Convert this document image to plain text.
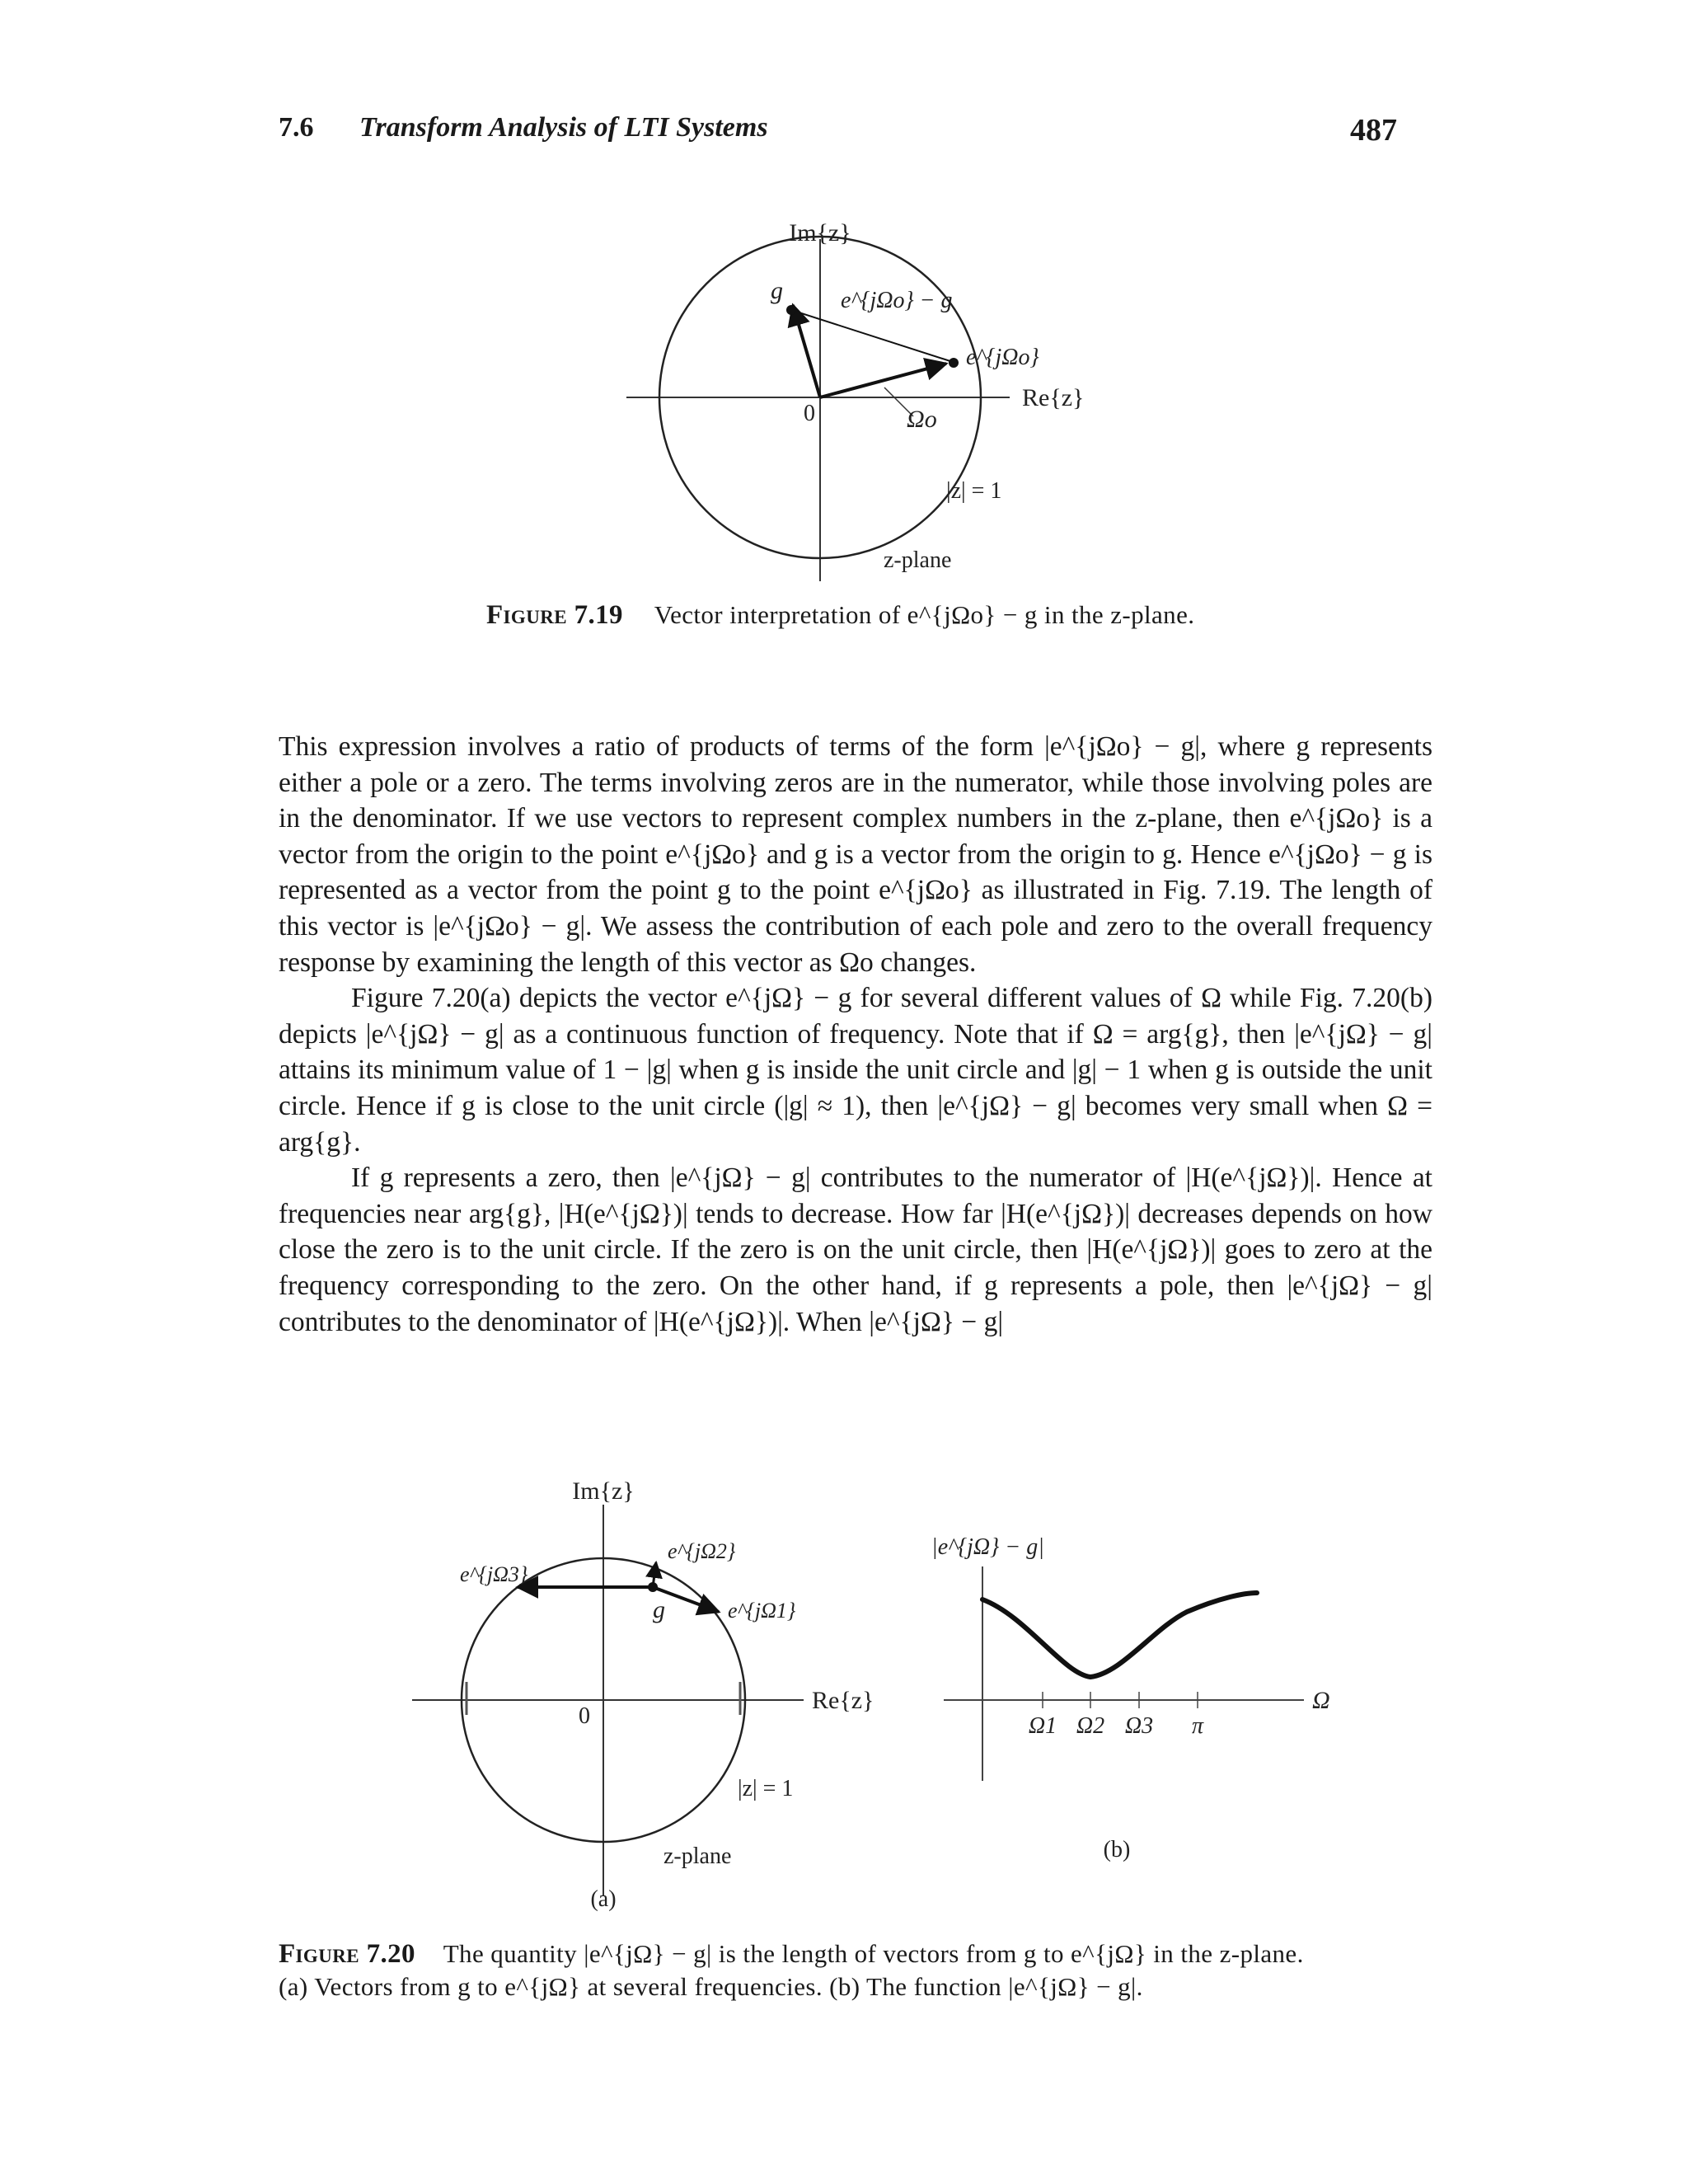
7.6 Transform Analysis of LTI Systems	487
Im{z}
Re{z}
0
g	e^{jΩo} − g
e^{jΩo}
Ωo
|z| = 1
z-plane
Figure 7.19 Vector interpretation of e^{jΩo} − g in the z-plane.

This expression involves a ratio of products of terms of the form |e^{jΩo} − g|, where g represents either a pole or a zero. The terms involving zeros are in the numerator, while those involving poles are in the denominator. If we use vectors to represent complex numbers in the z-plane, then e^{jΩo} is a vector from the origin to the point e^{jΩo} and g is a vector from the origin to g. Hence e^{jΩo} − g is represented as a vector from the point g to the point e^{jΩo} as illustrated in Fig. 7.19. The length of this vector is |e^{jΩo} − g|. We assess the contribution of each pole and zero to the overall frequency response by examining the length of this vector as Ωo changes.

Figure 7.20(a) depicts the vector e^{jΩ} − g for several different values of Ω while Fig. 7.20(b) depicts |e^{jΩ} − g| as a continuous function of frequency. Note that if Ω = arg{g}, then |e^{jΩ} − g| attains its minimum value of 1 − |g| when g is inside the unit circle and |g| − 1 when g is outside the unit circle. Hence if g is close to the unit circle (|g| ≈ 1), then |e^{jΩ} − g| becomes very small when Ω = arg{g}.

If g represents a zero, then |e^{jΩ} − g| contributes to the numerator of |H(e^{jΩ})|. Hence at frequencies near arg{g}, |H(e^{jΩ})| tends to decrease. How far |H(e^{jΩ})| decreases depends on how close the zero is to the unit circle. If the zero is on the unit circle, then |H(e^{jΩ})| goes to zero at the frequency corresponding to the zero. On the other hand, if g represents a pole, then |e^{jΩ} − g| contributes to the denominator of |H(e^{jΩ})|. When |e^{jΩ} − g|

Im{z}
Re{z}
0
g	e^{jΩ1}
e^{jΩ2}
e^{jΩ3}
|z| = 1
z-plane
(a)
|e^{jΩ} − g|
Ω
Ω1 Ω2 Ω3 π
(b)
Figure 7.20 The quantity |e^{jΩ} − g| is the length of vectors from g to e^{jΩ} in the z-plane.
(a) Vectors from g to e^{jΩ} at several frequencies. (b) The function |e^{jΩ} − g|.
